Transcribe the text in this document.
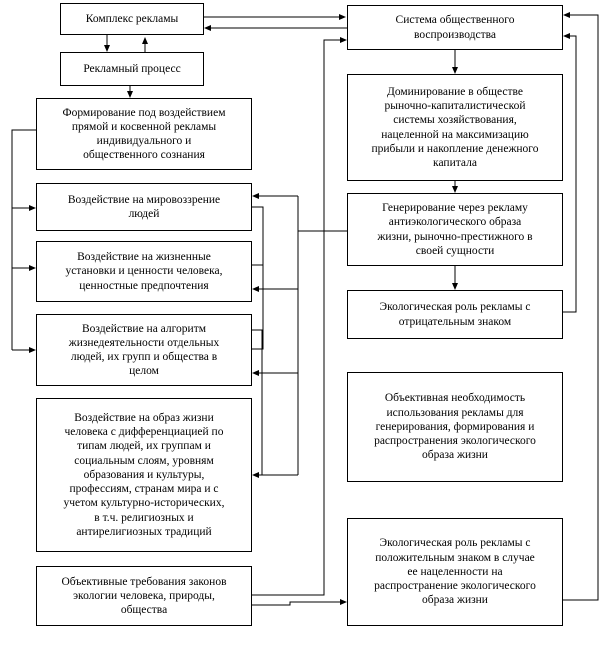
Комплекс рекламы
Рекламный процесс
Формирование под воздействием
прямой и косвенной рекламы
индивидуального и
общественного сознания
Воздействие на мировоззрение
людей
Воздействие на жизненные
установки и ценности человека,
ценностные предпочтения
Воздействие на алгоритм
жизнедеятельности отдельных
людей, их групп и общества в
целом
Воздействие на образ жизни
человека с дифференциацией по
типам людей, их группам и
социальным слоям, уровням
образования и культуры,
профессиям, странам мира и с
учетом культурно-исторических,
в т.ч. религиозных и
антирелигиозных традиций
Объективные требования законов
экологии человека, природы,
общества
Система общественного
воспроизводства
Доминирование в обществе
рыночно-капиталистической
системы хозяйствования,
нацеленной на максимизацию
прибыли и накопление денежного
капитала
Генерирование через рекламу
антиэкологического образа
жизни, рыночно-престижного в
своей сущности
Экологическая роль рекламы с
отрицательным знаком
Объективная необходимость
использования рекламы для
генерирования, формирования и
распространения экологического
образа жизни
Экологическая роль рекламы с
положительным знаком в случае
ее нацеленности на
распространение экологического
образа жизни
